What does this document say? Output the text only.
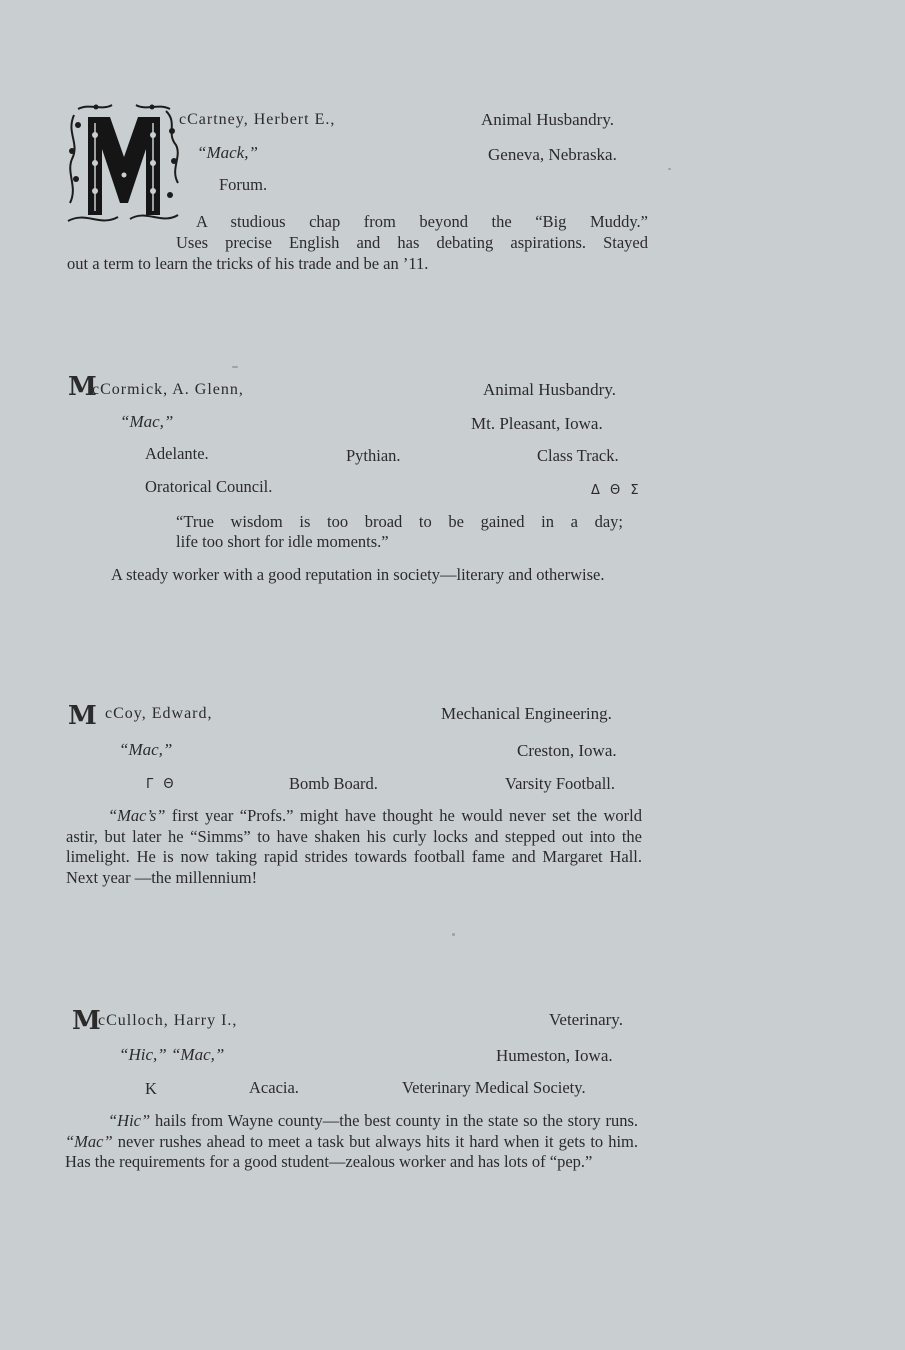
cCartney, Herbert E.,	Animal Husbandry.
“Mack,”	Geneva, Nebraska.
Forum.
A studious chap from beyond the “Big Muddy.”
Uses precise English and has debating aspirations. Stayed
out a term to learn the tricks of his trade and be an ’11.
M
cCormick, A. Glenn,	Animal Husbandry.
“Mac,”	Mt. Pleasant, Iowa.
Adelante.	Pythian.	Class Track.
Oratorical Council.	Δ Θ Σ
“True wisdom is too broad to be gained in a day;
life too short for idle moments.”
A steady worker with a good reputation in society—literary and otherwise.
M cCoy, Edward,	Mechanical Engineering.
“Mac,”	Creston, Iowa.
Γ Θ	Bomb Board.	Varsity Football.
“Mac’s” first year “Profs.” might have thought he would never set the world astir, but later he “Simms” to have shaken his curly locks and stepped out into the limelight. He is now taking rapid strides towards football fame and Margaret Hall. Next year —the millennium!
M
cCulloch, Harry I.,	Veterinary.
“Hic,” “Mac,”	Humeston, Iowa.
K	Acacia.	Veterinary Medical Society.
“Hic” hails from Wayne county—the best county in the state so the story runs. “Mac” never rushes ahead to meet a task but always hits it hard when it gets to him. Has the requirements for a good student—zealous worker and has lots of “pep.”
